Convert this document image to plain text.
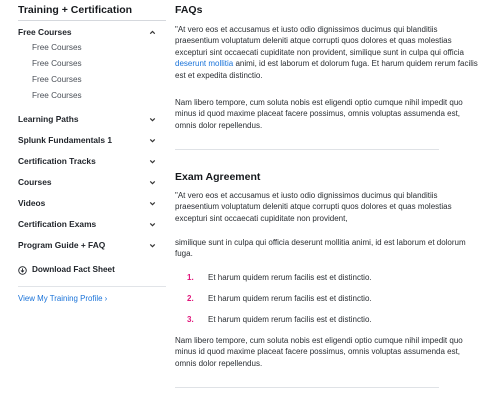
Training + Certification
Free Courses
Free Courses
Free Courses
Free Courses
Free Courses
Learning Paths
Splunk Fundamentals 1
Certification Tracks
Courses
Videos
Certification Exams
Program Guide + FAQ
Download Fact Sheet
View My Training Profile ›
FAQs

"At vero eos et accusamus et iusto odio dignissimos ducimus qui blanditiis praesentium voluptatum deleniti atque corrupti quos dolores et quas molestias excepturi sint occaecati cupiditate non provident, similique sunt in culpa qui officia deserunt mollitia animi, id est laborum et dolorum fuga. Et harum quidem rerum facilis est et expedita distinctio.

Nam libero tempore, cum soluta nobis est eligendi optio cumque nihil impedit quo minus id quod maxime placeat facere possimus, omnis voluptas assumenda est, omnis dolor repellendus.

Exam Agreement

"At vero eos et accusamus et iusto odio dignissimos ducimus qui blanditiis praesentium voluptatum deleniti atque corrupti quos dolores et quas molestias excepturi sint occaecati cupiditate non provident,

similique sunt in culpa qui officia deserunt mollitia animi, id est laborum et dolorum fuga.

1. Et harum quidem rerum facilis est et distinctio.
2. Et harum quidem rerum facilis est et distinctio.
3. Et harum quidem rerum facilis est et distinctio.

Nam libero tempore, cum soluta nobis est eligendi optio cumque nihil impedit quo minus id quod maxime placeat facere possimus, omnis voluptas assumenda est, omnis dolor repellendus.
